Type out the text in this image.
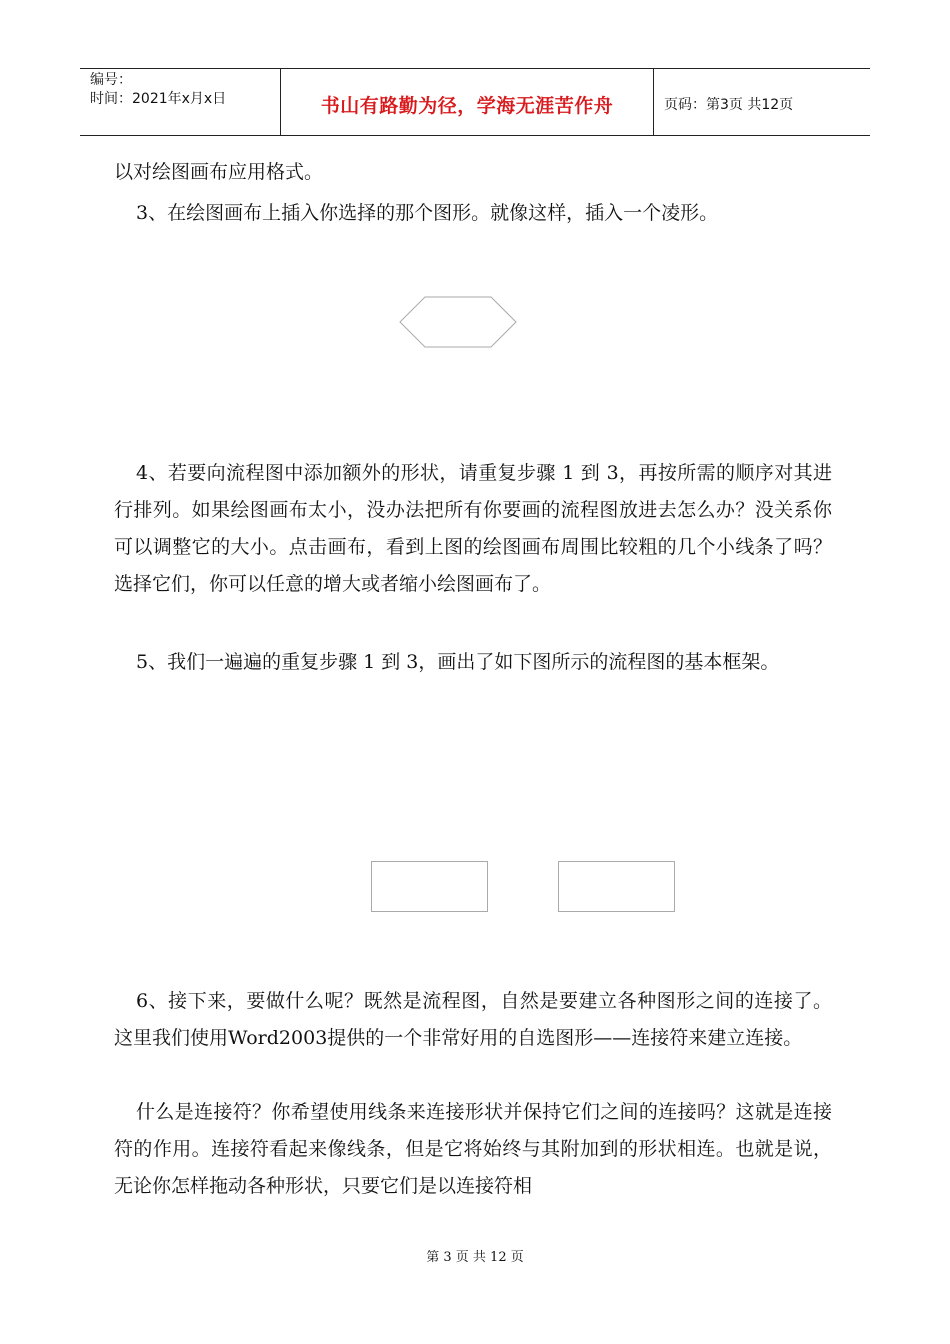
编号：
时间：2021年x月x日	书山有路勤为径，学海无涯苦作舟	页码：第3页 共12页

以对绘图画布应用格式。

3、在绘图画布上插入你选择的那个图形。就像这样，插入一个凌形。

4、若要向流程图中添加额外的形状，请重复步骤 1 到 3，再按所需的顺序对其进行排列。如果绘图画布太小，没办法把所有你要画的流程图放进去怎么办？没关系你可以调整它的大小。点击画布，看到上图的绘图画布周围比较粗的几个小线条了吗？选择它们，你可以任意的增大或者缩小绘图画布了。

5、我们一遍遍的重复步骤 1 到 3，画出了如下图所示的流程图的基本框架。

6、接下来，要做什么呢？既然是流程图，自然是要建立各种图形之间的连接了。这里我们使用Word2003提供的一个非常好用的自选图形——连接符来建立连接。

什么是连接符？你希望使用线条来连接形状并保持它们之间的连接吗？这就是连接符的作用。连接符看起来像线条，但是它将始终与其附加到的形状相连。也就是说，无论你怎样拖动各种形状，只要它们是以连接符相

第 3 页 共 12 页
